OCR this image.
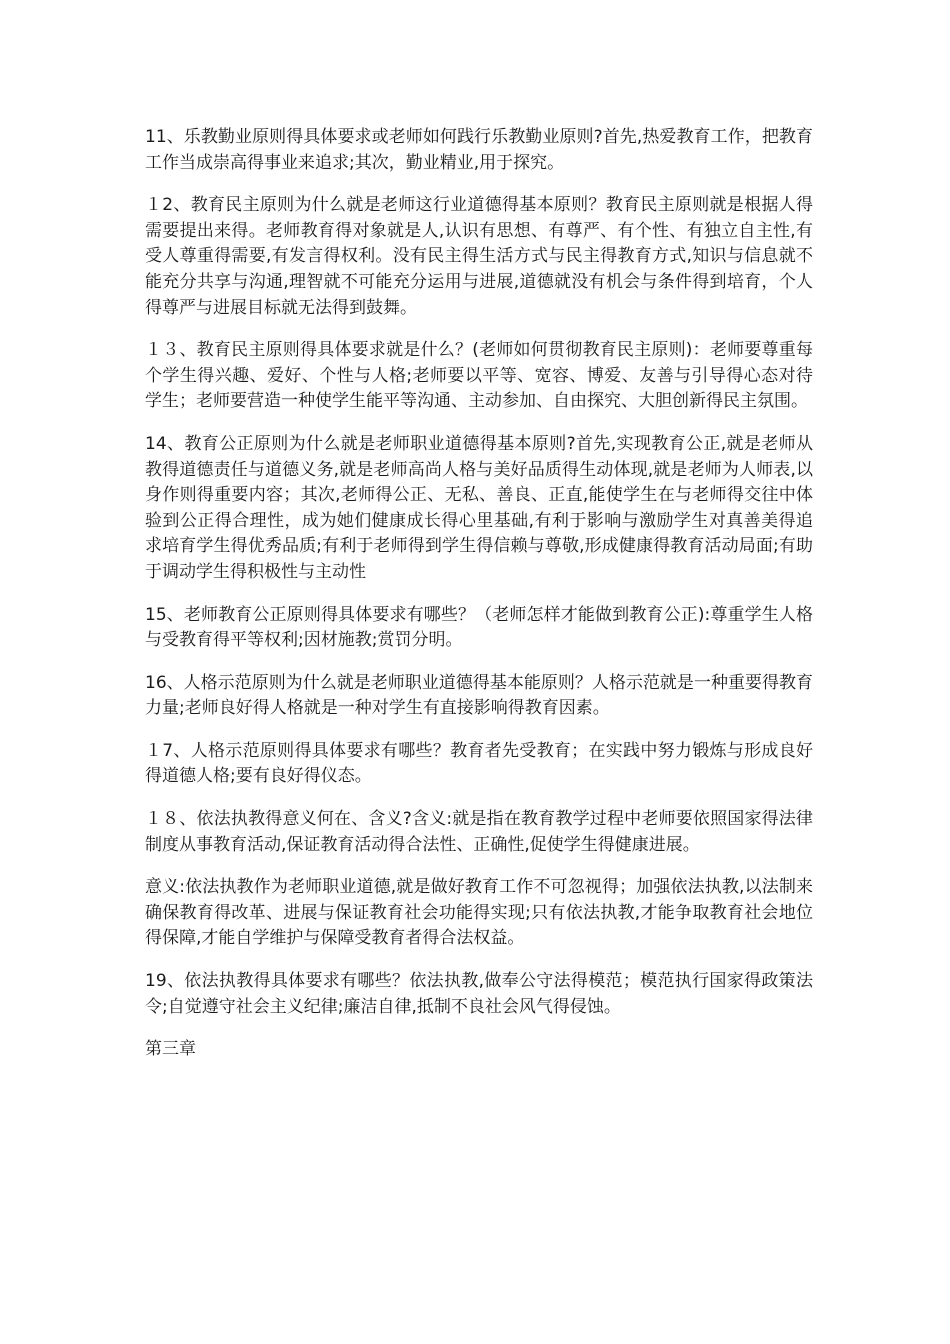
11、乐教勤业原则得具体要求或老师如何践行乐教勤业原则?首先,热爱教育工作，把教育工作当成崇高得事业来追求;其次，勤业精业,用于探究。

１2、教育民主原则为什么就是老师这行业道德得基本原则？教育民主原则就是根据人得需要提出来得。老师教育得对象就是人,认识有思想、有尊严、有个性、有独立自主性,有受人尊重得需要,有发言得权利。没有民主得生活方式与民主得教育方式,知识与信息就不能充分共享与沟通,理智就不可能充分运用与进展,道德就没有机会与条件得到培育，个人得尊严与进展目标就无法得到鼓舞。

１３、教育民主原则得具体要求就是什么？(老师如何贯彻教育民主原则)：老师要尊重每个学生得兴趣、爱好、个性与人格;老师要以平等、宽容、博爱、友善与引导得心态对待学生；老师要营造一种使学生能平等沟通、主动参加、自由探究、大胆创新得民主氛围。

14、教育公正原则为什么就是老师职业道德得基本原则?首先,实现教育公正,就是老师从教得道德责任与道德义务,就是老师高尚人格与美好品质得生动体现,就是老师为人师表,以身作则得重要内容；其次,老师得公正、无私、善良、正直,能使学生在与老师得交往中体验到公正得合理性，成为她们健康成长得心里基础,有利于影响与激励学生对真善美得追求培育学生得优秀品质;有利于老师得到学生得信赖与尊敬,形成健康得教育活动局面;有助于调动学生得积极性与主动性

15、老师教育公正原则得具体要求有哪些？（老师怎样才能做到教育公正):尊重学生人格与受教育得平等权利;因材施教;赏罚分明。

16、人格示范原则为什么就是老师职业道德得基本能原则？人格示范就是一种重要得教育力量;老师良好得人格就是一种对学生有直接影响得教育因素。

１7、人格示范原则得具体要求有哪些？教育者先受教育；在实践中努力锻炼与形成良好得道德人格;要有良好得仪态。

１８、依法执教得意义何在、含义?含义:就是指在教育教学过程中老师要依照国家得法律制度从事教育活动,保证教育活动得合法性、正确性,促使学生得健康进展。

意义:依法执教作为老师职业道德,就是做好教育工作不可忽视得；加强依法执教,以法制来确保教育得改革、进展与保证教育社会功能得实现;只有依法执教,才能争取教育社会地位得保障,才能自学维护与保障受教育者得合法权益。

19、依法执教得具体要求有哪些？依法执教,做奉公守法得模范；模范执行国家得政策法令;自觉遵守社会主义纪律;廉洁自律,抵制不良社会风气得侵蚀。

第三章
